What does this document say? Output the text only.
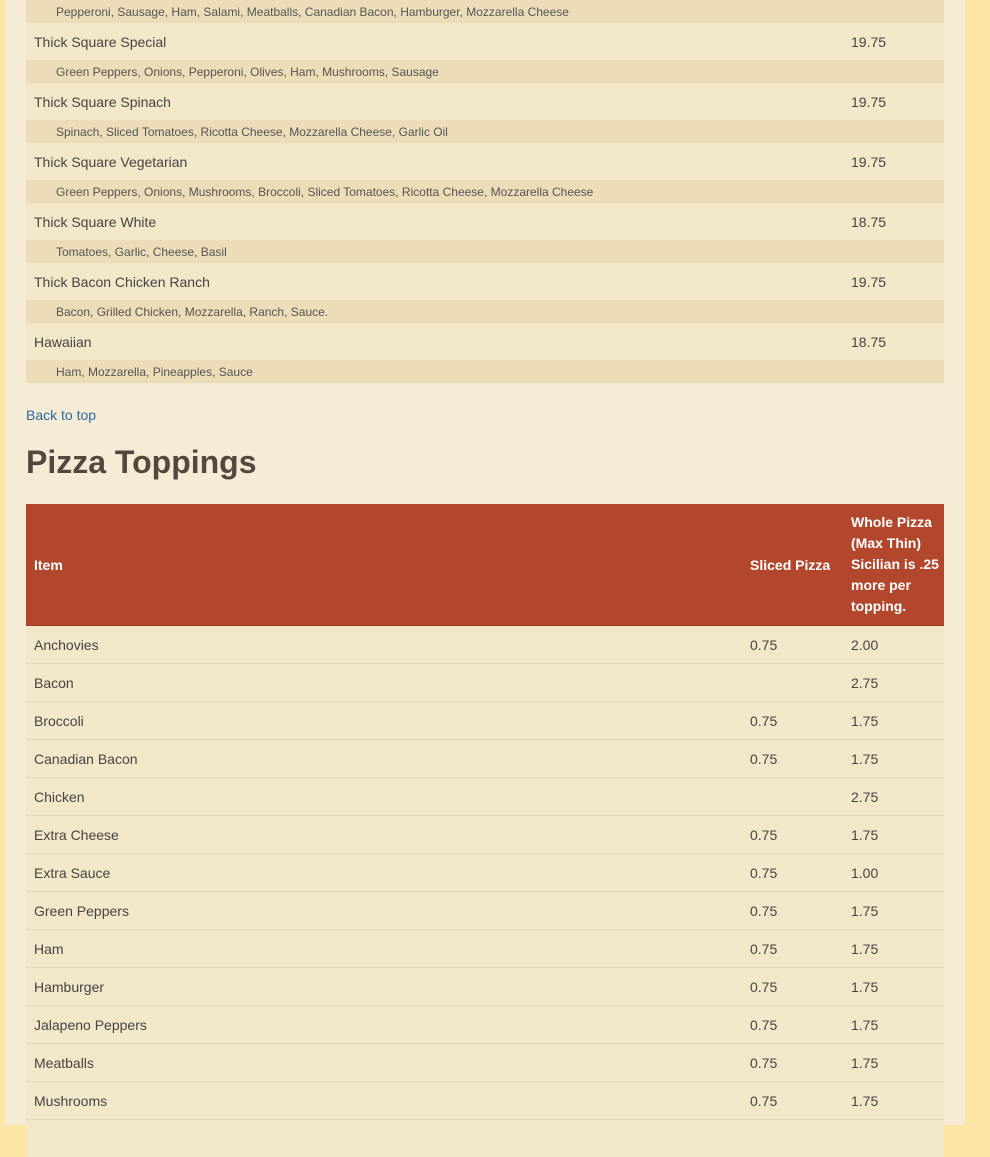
Pepperoni, Sausage, Ham, Salami, Meatballs, Canadian Bacon, Hamburger, Mozzarella Cheese	
Thick Square Special	19.75
Green Peppers, Onions, Pepperoni, Olives, Ham, Mushrooms, Sausage	
Thick Square Spinach	19.75
Spinach, Sliced Tomatoes, Ricotta Cheese, Mozzarella Cheese, Garlic Oil	
Thick Square Vegetarian	19.75
Green Peppers, Onions, Mushrooms, Broccoli, Sliced Tomatoes, Ricotta Cheese, Mozzarella Cheese	
Thick Square White	18.75
Tomatoes, Garlic, Cheese, Basil	
Thick Bacon Chicken Ranch	19.75
Bacon, Grilled Chicken, Mozzarella, Ranch, Sauce.	
Hawaiian	18.75
Ham, Mozzarella, Pineapples, Sauce	
Back to top
Pizza Toppings
Item	Sliced Pizza	Whole Pizza (Max Thin) Sicilian is .25 more per topping.
Anchovies	0.75	2.00
Bacon		2.75
Broccoli	0.75	1.75
Canadian Bacon	0.75	1.75
Chicken		2.75
Extra Cheese	0.75	1.75
Extra Sauce	0.75	1.00
Green Peppers	0.75	1.75
Ham	0.75	1.75
Hamburger	0.75	1.75
Jalapeno Peppers	0.75	1.75
Meatballs	0.75	1.75
Mushrooms	0.75	1.75
